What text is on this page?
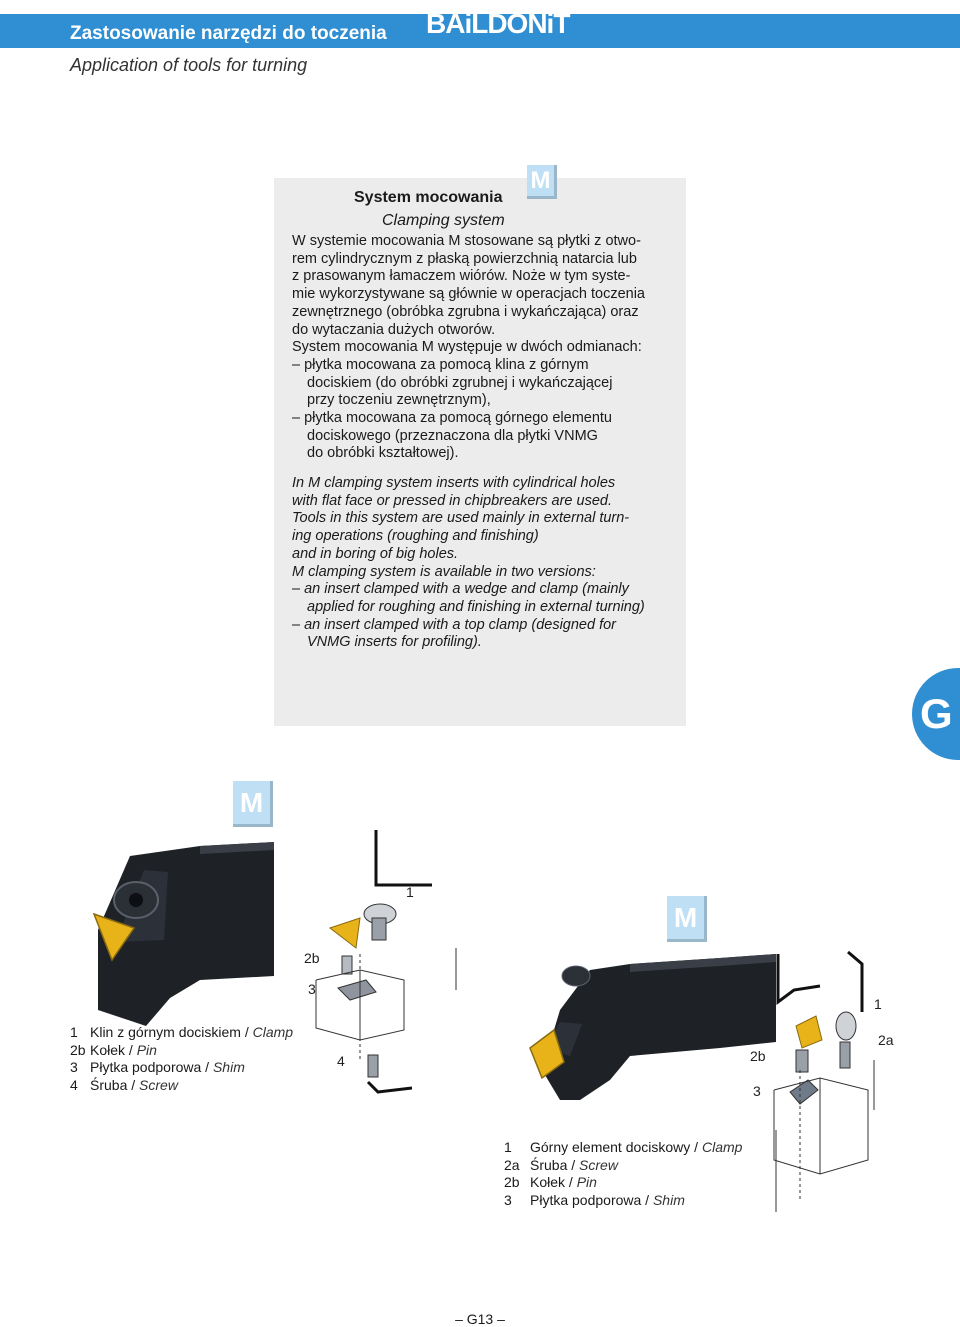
Zastosowanie narzędzi do toczenia BAiLDONiT
Application of tools for turning
M
System mocowania
Clamping system
W systemie mocowania M stosowane są płytki z otwo-
rem cylindrycznym z płaską powierzchnią natarcia lub
z prasowanym łamaczem wiórów. Noże w tym syste-
mie wykorzystywane są głównie w operacjach toczenia
zewnętrznego (obróbka zgrubna i wykańczająca) oraz
do wytaczania dużych otworów.
System mocowania M występuje w dwóch odmianach:
– płytka mocowana za pomocą klina z górnym
dociskiem (do obróbki zgrubnej i wykańczającej
przy toczeniu zewnętrznym),
– płytka mocowana za pomocą górnego elementu
dociskowego (przeznaczona dla płytki VNMG
do obróbki kształtowej).
In M clamping system inserts with cylindrical holes
with flat face or pressed in chipbreakers are used.
Tools in this system are used mainly in external turn-
ing operations (roughing and finishing)
and in boring of big holes.
M clamping system is available in two versions:
– an insert clamped with a wedge and clamp (mainly
applied for roughing and finishing in external turning)
– an insert clamped with a top clamp (designed for
VNMG inserts for profiling).
G
M
1
2b
3
4
1 Klin z górnym dociskiem / Clamp
2b Kołek / Pin
3 Płytka podporowa / Shim
4 Śruba / Screw
M
1
2a
2b
3
1 Górny element dociskowy / Clamp
2a Śruba / Screw
2b Kołek / Pin
3 Płytka podporowa / Shim
– G13 –
